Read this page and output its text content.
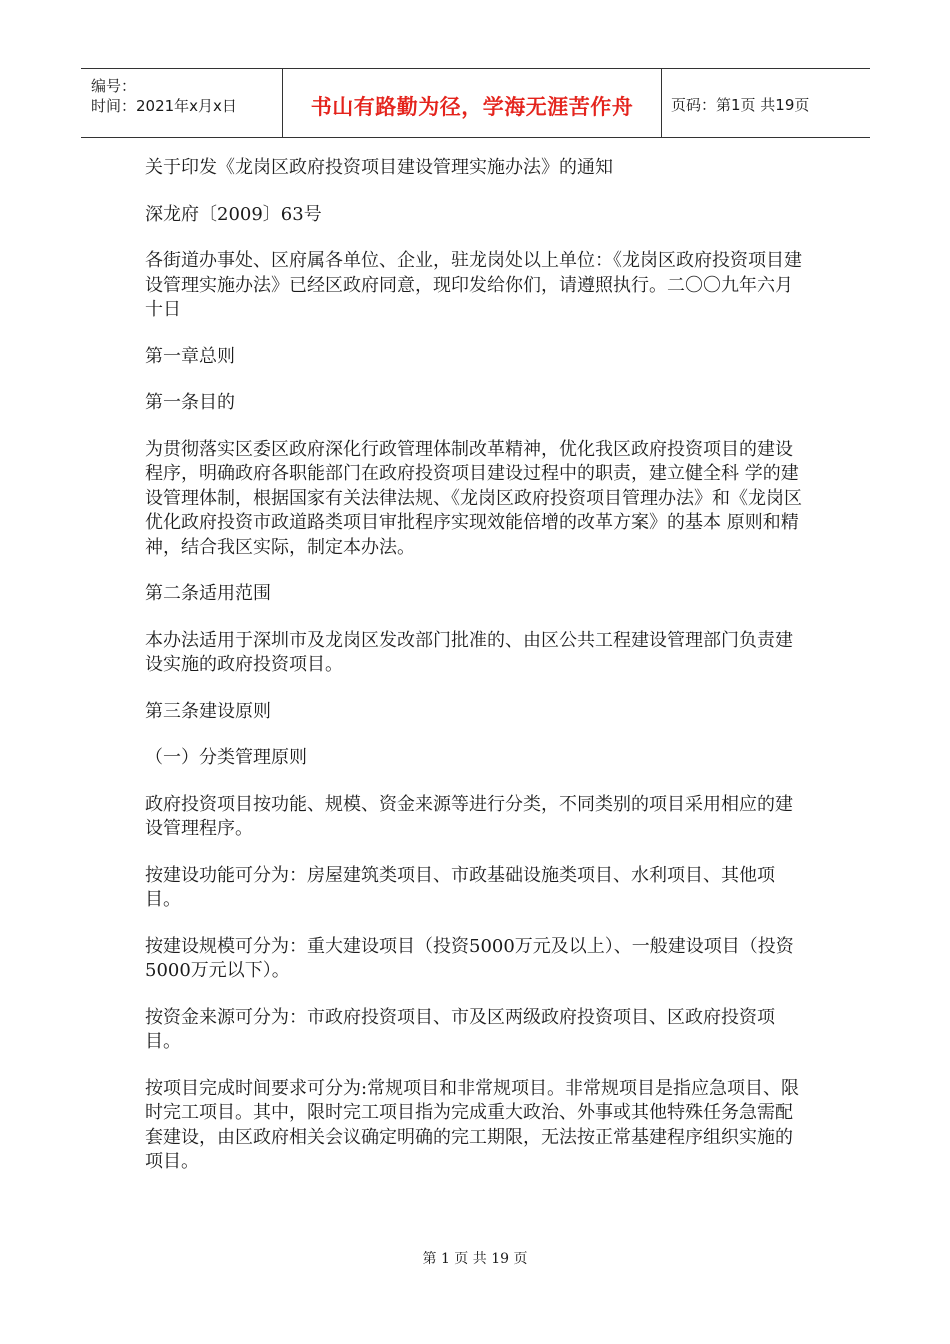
编号：
时间：2021年x月x日	书山有路勤为径，学海无涯苦作舟	页码：第1页 共19页

关于印发《龙岗区政府投资项目建设管理实施办法》的通知

深龙府〔2009〕63号

各街道办事处、区府属各单位、企业，驻龙岗处以上单位：《龙岗区政府投资项目建设管理实施办法》已经区政府同意，现印发给你们，请遵照执行。二〇〇九年六月十日

第一章总则

第一条目的

为贯彻落实区委区政府深化行政管理体制改革精神，优化我区政府投资项目的建设程序，明确政府各职能部门在政府投资项目建设过程中的职责，建立健全科 学的建设管理体制，根据国家有关法律法规、《龙岗区政府投资项目管理办法》和《龙岗区优化政府投资市政道路类项目审批程序实现效能倍增的改革方案》的基本 原则和精神，结合我区实际，制定本办法。

第二条适用范围

本办法适用于深圳市及龙岗区发改部门批准的、由区公共工程建设管理部门负责建设实施的政府投资项目。

第三条建设原则

（一）分类管理原则

政府投资项目按功能、规模、资金来源等进行分类，不同类别的项目采用相应的建设管理程序。

按建设功能可分为：房屋建筑类项目、市政基础设施类项目、水利项目、其他项目。

按建设规模可分为：重大建设项目（投资5000万元及以上）、一般建设项目（投资5000万元以下）。

按资金来源可分为：市政府投资项目、市及区两级政府投资项目、区政府投资项目。

按项目完成时间要求可分为:常规项目和非常规项目。非常规项目是指应急项目、限时完工项目。其中，限时完工项目指为完成重大政治、外事或其他特殊任务急需配套建设，由区政府相关会议确定明确的完工期限，无法按正常基建程序组织实施的项目。

第 1 页 共 19 页
